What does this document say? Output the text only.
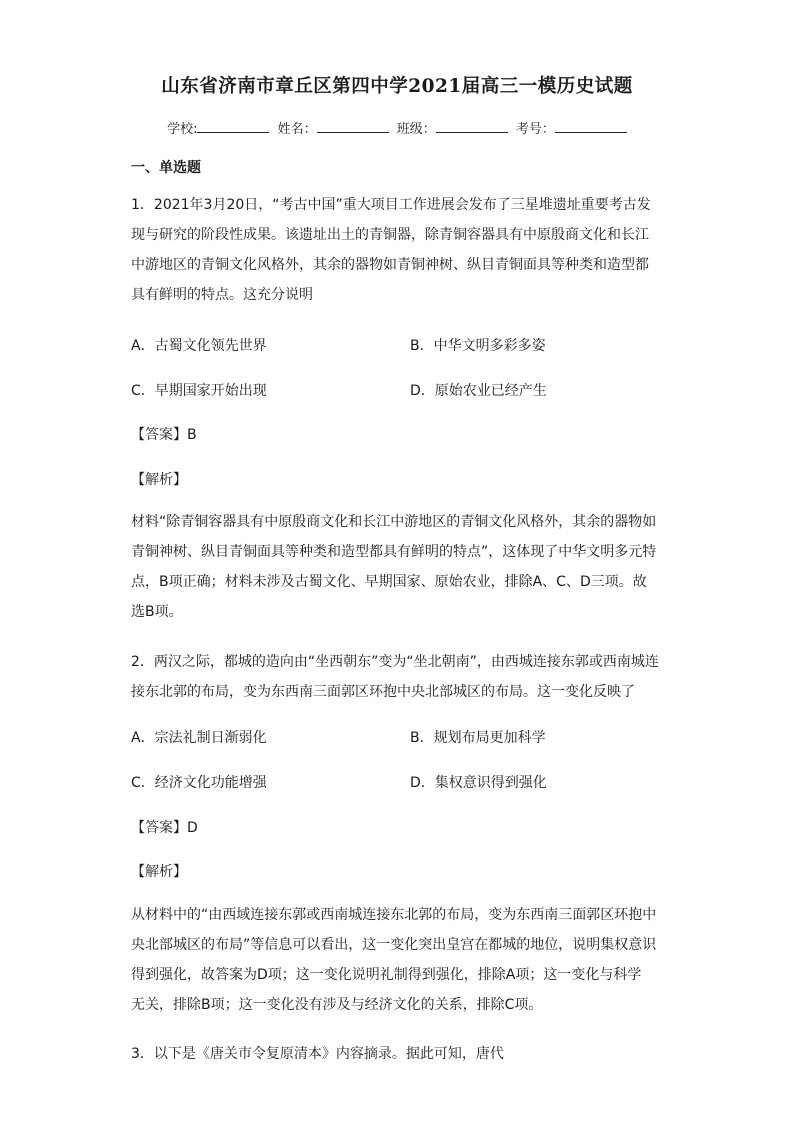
山东省济南市章丘区第四中学2021届高三一模历史试题
学校:	姓名：	班级：	考号：
一、单选题
1．2021年3月20日，“考古中国”重大项目工作进展会发布了三星堆遗址重要考古发
现与研究的阶段性成果。该遗址出土的青铜器，除青铜容器具有中原殷商文化和长江
中游地区的青铜文化风格外，其余的器物如青铜神树、纵目青铜面具等种类和造型都
具有鲜明的特点。这充分说明
A．古蜀文化领先世界	B．中华文明多彩多姿
C．早期国家开始出现	D．原始农业已经产生
【答案】B
【解析】
材料“除青铜容器具有中原殷商文化和长江中游地区的青铜文化风格外，其余的器物如
青铜神树、纵目青铜面具等种类和造型都具有鲜明的特点”，这体现了中华文明多元特
点，B项正确；材料未涉及古蜀文化、早期国家、原始农业，排除A、C、D三项。故
选B项。
2．两汉之际，都城的造向由“坐西朝东”变为“坐北朝南”，由西城连接东郭或西南城连
接东北郭的布局，变为东西南三面郭区环抱中央北部城区的布局。这一变化反映了
A．宗法礼制日渐弱化	B．规划布局更加科学
C．经济文化功能增强	D．集权意识得到强化
【答案】D
【解析】
从材料中的“由西域连接东郭或西南城连接东北郭的布局，变为东西南三面郭区环抱中
央北部城区的布局”等信息可以看出，这一变化突出皇宫在都城的地位，说明集权意识
得到强化，故答案为D项；这一变化说明礼制得到强化，排除A项；这一变化与科学
无关，排除B项；这一变化没有涉及与经济文化的关系，排除C项。
3．以下是《唐关市令复原清本》内容摘录。据此可知，唐代
